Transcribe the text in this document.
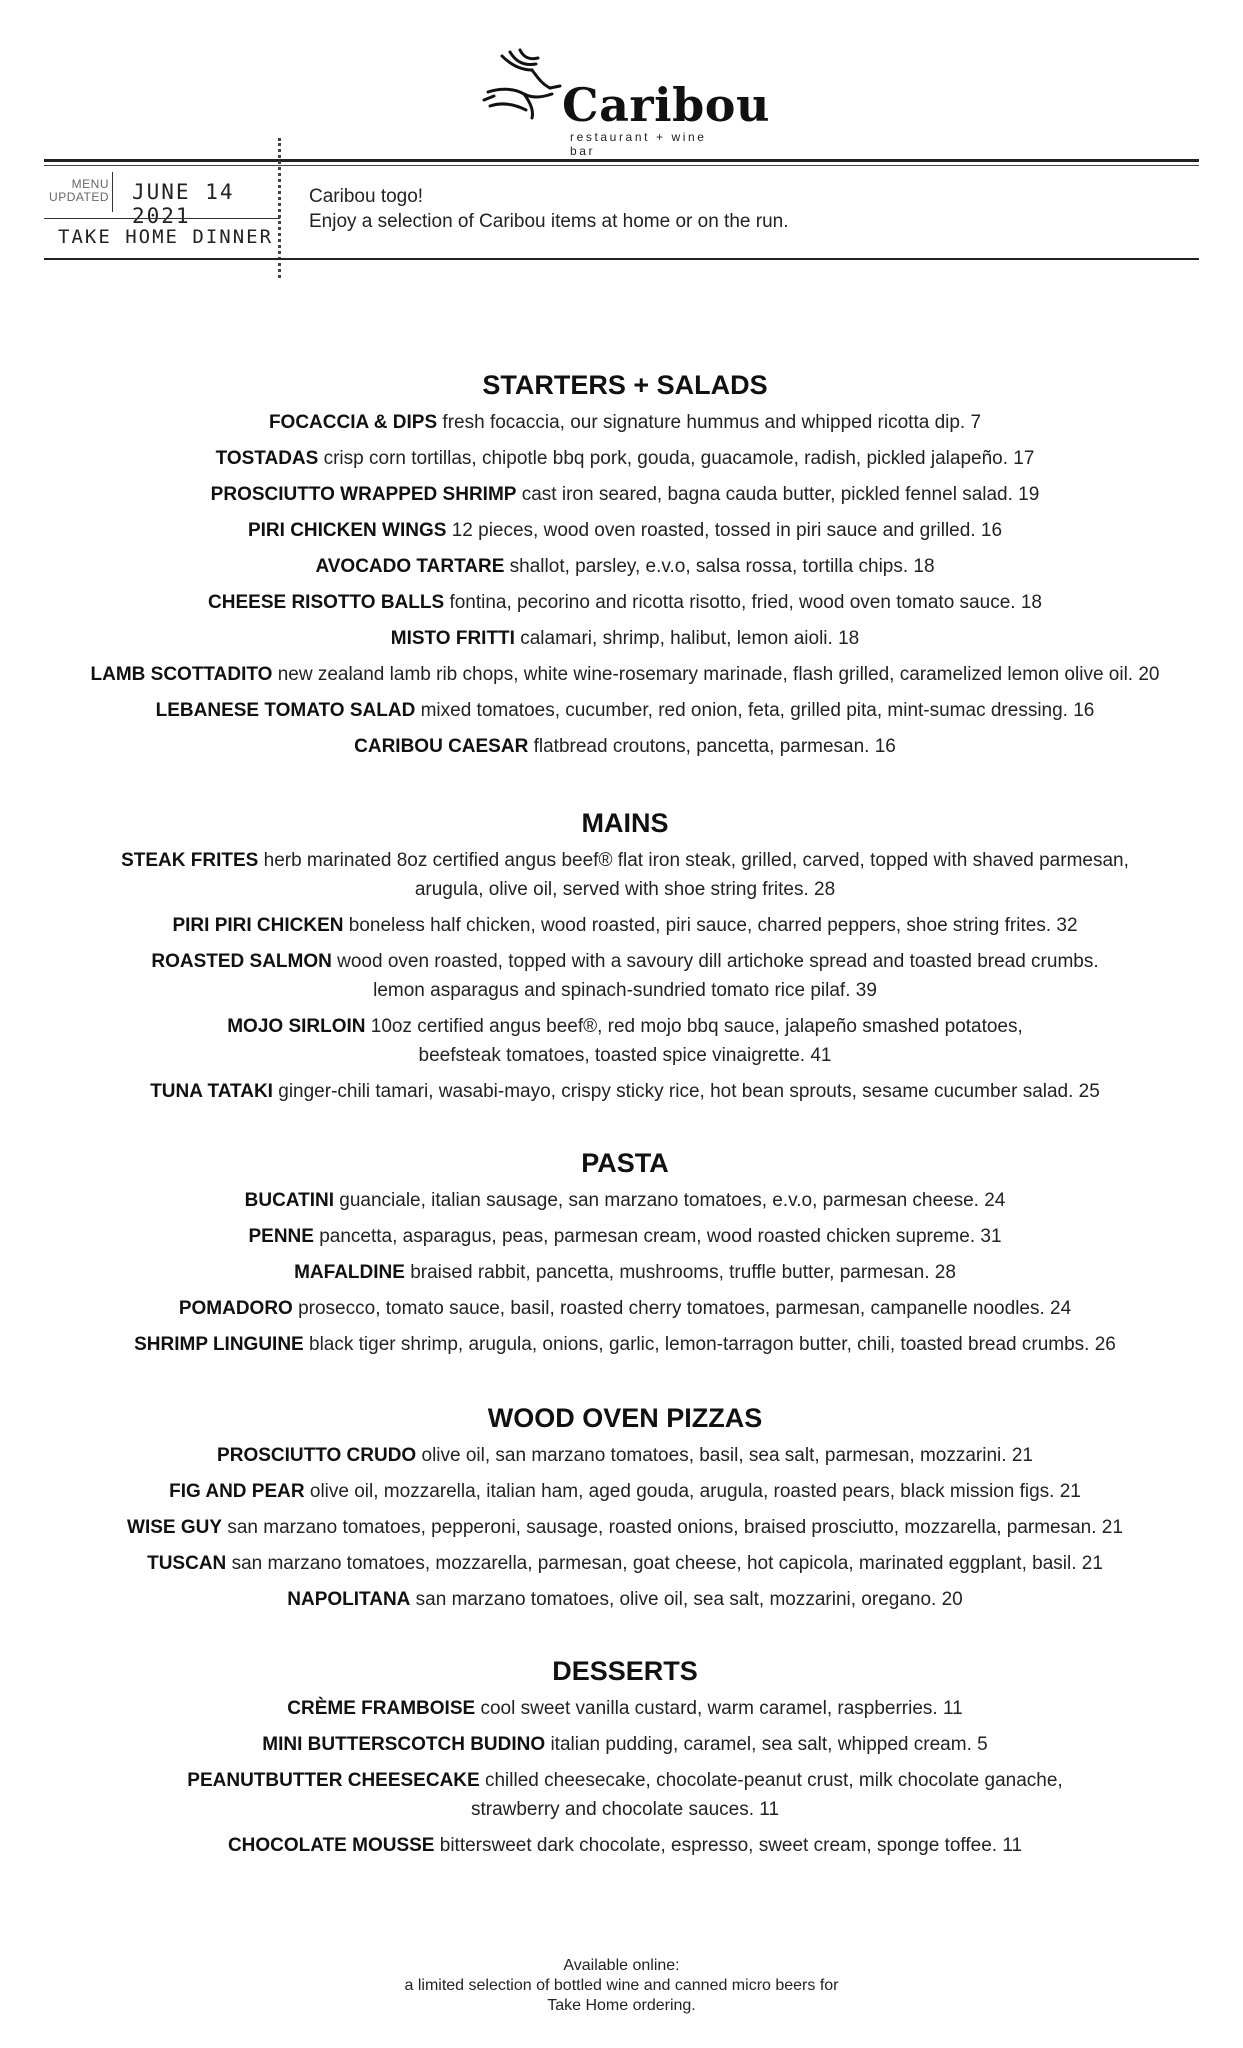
Caribou
restaurant + wine bar
MENU UPDATED JUNE 14 2021
TAKE HOME DINNER
Caribou togo!
Enjoy a selection of Caribou items at home or on the run.
STARTERS + SALADS

FOCACCIA & DIPS fresh focaccia, our signature hummus and whipped ricotta dip. 7

TOSTADAS crisp corn tortillas, chipotle bbq pork, gouda, guacamole, radish, pickled jalapeño. 17

PROSCIUTTO WRAPPED SHRIMP cast iron seared, bagna cauda butter, pickled fennel salad. 19

PIRI CHICKEN WINGS 12 pieces, wood oven roasted, tossed in piri sauce and grilled. 16

AVOCADO TARTARE shallot, parsley, e.v.o, salsa rossa, tortilla chips. 18

CHEESE RISOTTO BALLS fontina, pecorino and ricotta risotto, fried, wood oven tomato sauce. 18

MISTO FRITTI calamari, shrimp, halibut, lemon aioli. 18

LAMB SCOTTADITO new zealand lamb rib chops, white wine-rosemary marinade, flash grilled, caramelized lemon olive oil. 20

LEBANESE TOMATO SALAD mixed tomatoes, cucumber, red onion, feta, grilled pita, mint-sumac dressing. 16

CARIBOU CAESAR flatbread croutons, pancetta, parmesan. 16

MAINS

STEAK FRITES herb marinated 8oz certified angus beef® flat iron steak, grilled, carved, topped with shaved parmesan,
arugula, olive oil, served with shoe string frites. 28

PIRI PIRI CHICKEN boneless half chicken, wood roasted, piri sauce, charred peppers, shoe string frites. 32

ROASTED SALMON wood oven roasted, topped with a savoury dill artichoke spread and toasted bread crumbs.
lemon asparagus and spinach-sundried tomato rice pilaf. 39

MOJO SIRLOIN 10oz certified angus beef®, red mojo bbq sauce, jalapeño smashed potatoes,
beefsteak tomatoes, toasted spice vinaigrette. 41

TUNA TATAKI ginger-chili tamari, wasabi-mayo, crispy sticky rice, hot bean sprouts, sesame cucumber salad. 25

PASTA

BUCATINI guanciale, italian sausage, san marzano tomatoes, e.v.o, parmesan cheese. 24

PENNE pancetta, asparagus, peas, parmesan cream, wood roasted chicken supreme. 31

MAFALDINE braised rabbit, pancetta, mushrooms, truffle butter, parmesan. 28

POMADORO prosecco, tomato sauce, basil, roasted cherry tomatoes, parmesan, campanelle noodles. 24

SHRIMP LINGUINE black tiger shrimp, arugula, onions, garlic, lemon-tarragon butter, chili, toasted bread crumbs. 26

WOOD OVEN PIZZAS

PROSCIUTTO CRUDO olive oil, san marzano tomatoes, basil, sea salt, parmesan, mozzarini. 21

FIG AND PEAR olive oil, mozzarella, italian ham, aged gouda, arugula, roasted pears, black mission figs. 21

WISE GUY san marzano tomatoes, pepperoni, sausage, roasted onions, braised prosciutto, mozzarella, parmesan. 21

TUSCAN san marzano tomatoes, mozzarella, parmesan, goat cheese, hot capicola, marinated eggplant, basil. 21

NAPOLITANA san marzano tomatoes, olive oil, sea salt, mozzarini, oregano. 20

DESSERTS

CRÈME FRAMBOISE cool sweet vanilla custard, warm caramel, raspberries. 11

MINI BUTTERSCOTCH BUDINO italian pudding, caramel, sea salt, whipped cream. 5

PEANUTBUTTER CHEESECAKE chilled cheesecake, chocolate-peanut crust, milk chocolate ganache,
strawberry and chocolate sauces. 11

CHOCOLATE MOUSSE bittersweet dark chocolate, espresso, sweet cream, sponge toffee. 11

Available online:
a limited selection of bottled wine and canned micro beers for
Take Home ordering.
